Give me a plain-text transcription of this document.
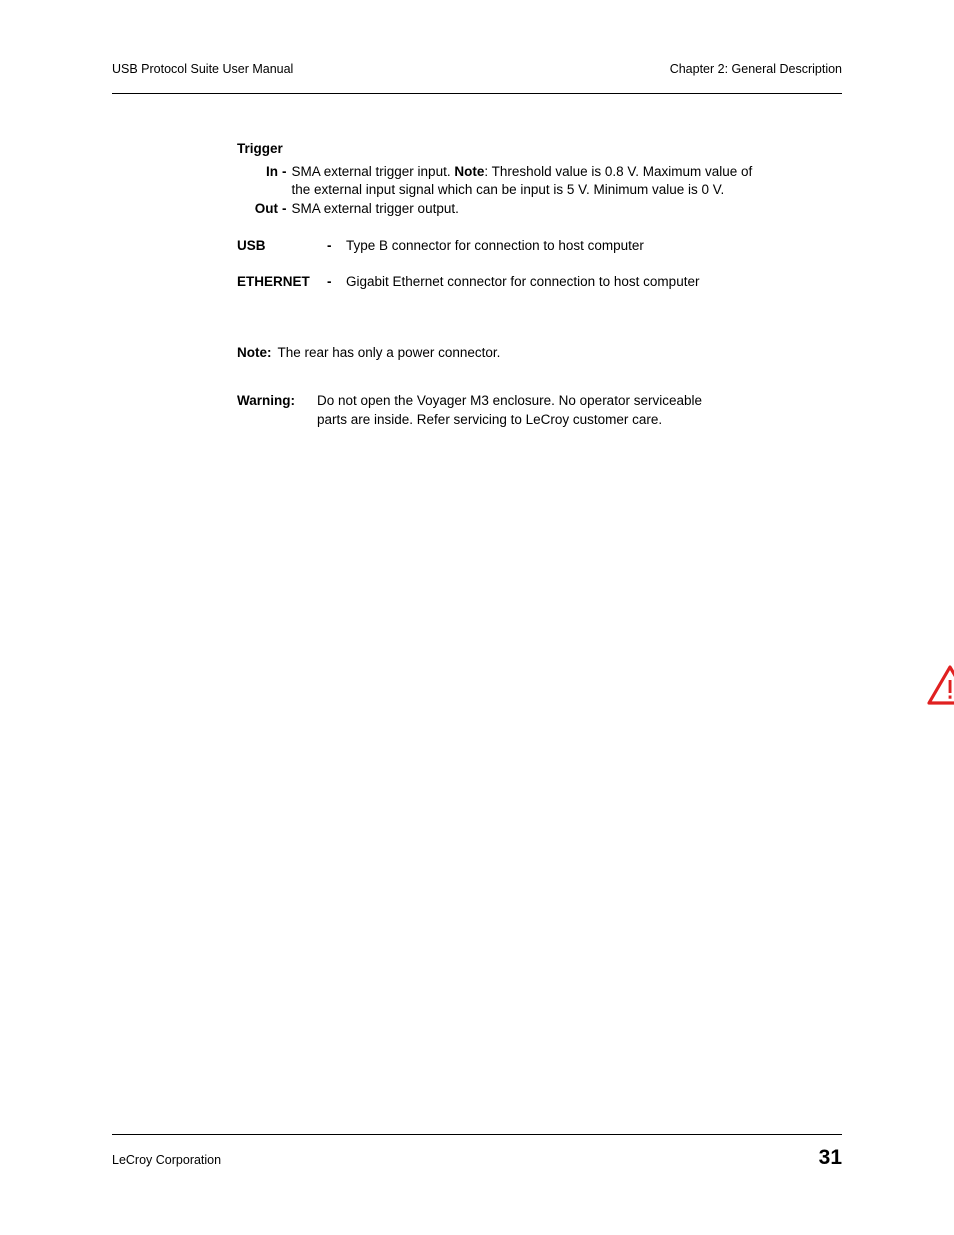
USB Protocol Suite User Manual	Chapter 2: General Description
Trigger
In - SMA external trigger input. Note: Threshold value is 0.8 V. Maximum value of
the external input signal which can be input is 5 V. Minimum value is 0 V.
Out - SMA external trigger output.
USB	-	Type B connector for connection to host computer
ETHERNET	-	Gigabit Ethernet connector for connection to host computer
Note: The rear has only a power connector.
Warning: Do not open the Voyager M3 enclosure. No operator serviceable
parts are inside. Refer servicing to LeCroy customer care.
LeCroy Corporation	31
